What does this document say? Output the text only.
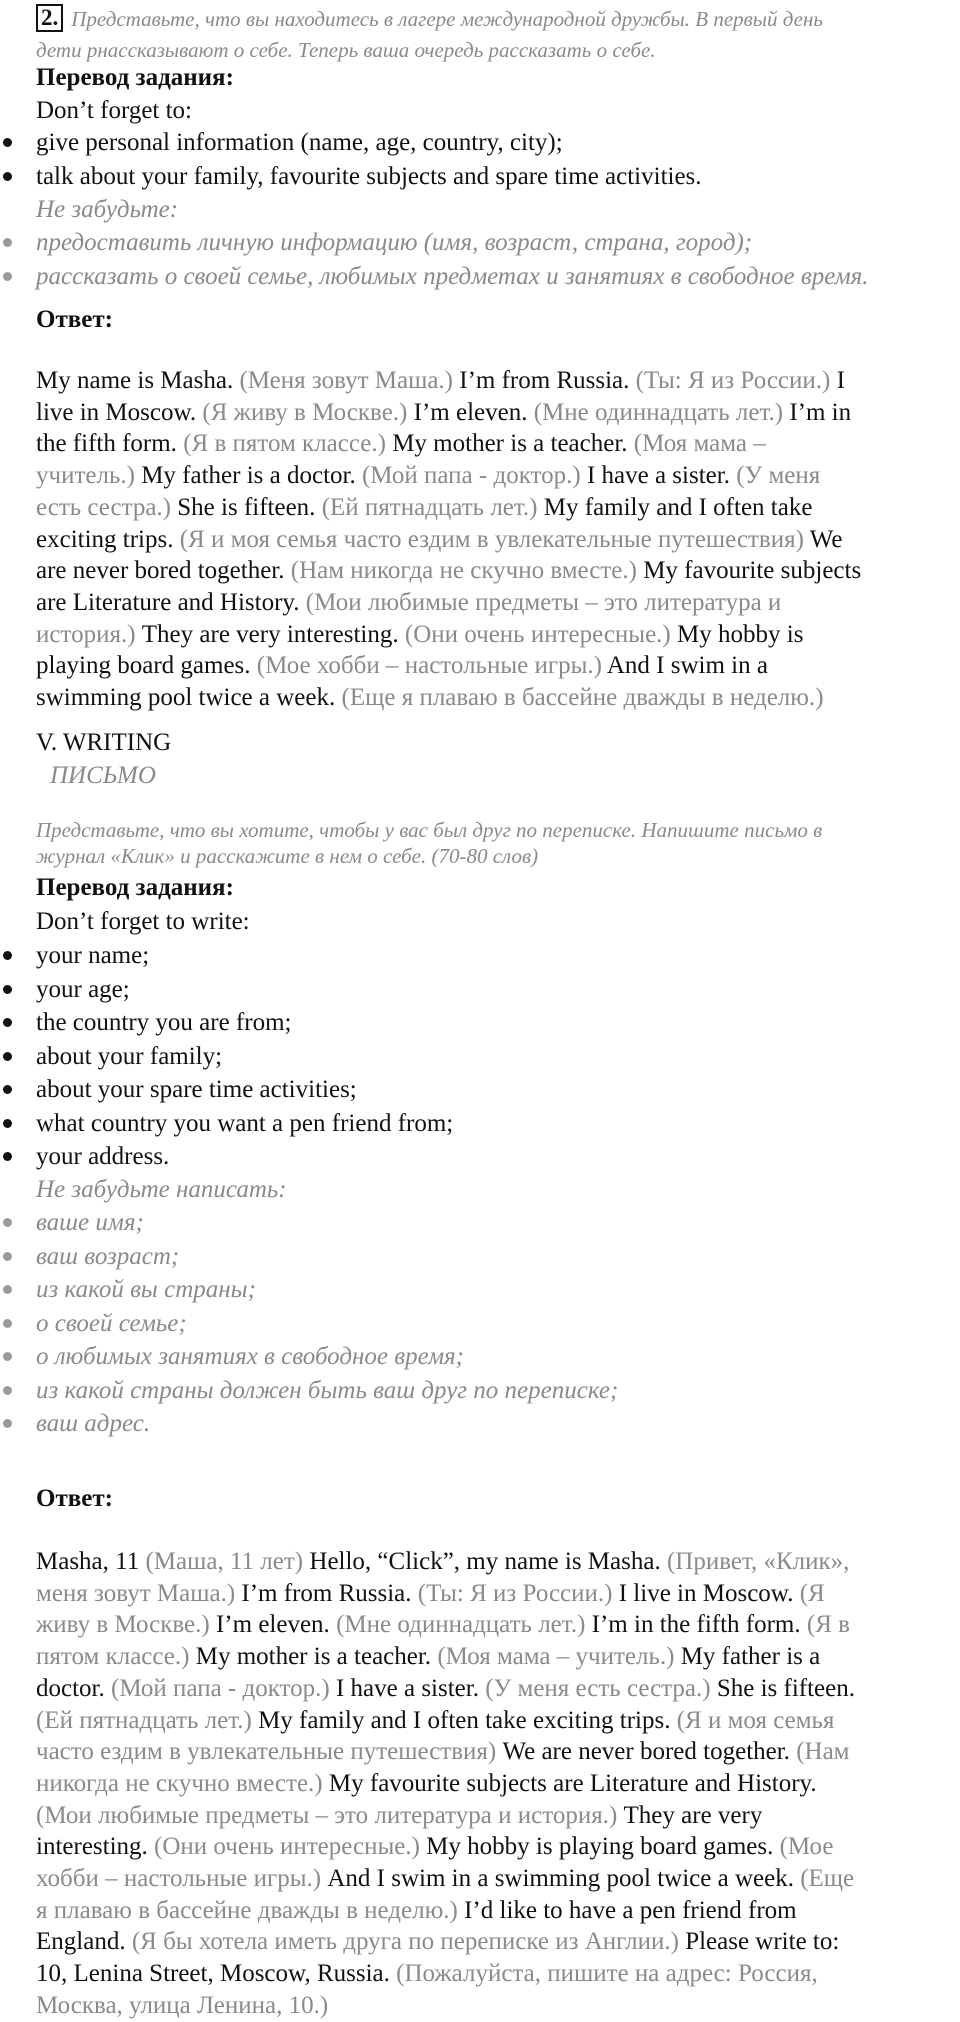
2. Представьте, что вы находитесь в лагере международной дружбы. В первый день
дети рнассказывают о себе. Теперь ваша очередь рассказать о себе.
Перевод задания:
Don’t forget to:
give personal information (name, age, country, city);
talk about your family, favourite subjects and spare time activities.
Не забудьте:
предоставить личную информацию (имя, возраст, страна, город);
рассказать о своей семье, любимых предметах и занятиях в свободное время.
Ответ:

My name is Masha. (Меня зовут Маша.) I’m from Russia. (Ты: Я из России.) I

live in Moscow. (Я живу в Москве.) I’m eleven. (Мне одиннадцать лет.) I’m in

the fifth form. (Я в пятом классе.) My mother is a teacher. (Моя мама –

учитель.) My father is a doctor. (Мой папа - доктор.) I have a sister. (У меня

есть сестра.) She is fifteen. (Ей пятнадцать лет.) My family and I often take

exciting trips. (Я и моя семья часто ездим в увлекательные путешествия) We

are never bored together. (Нам никогда не скучно вместе.) My favourite subjects

are Literature and History. (Мои любимые предметы – это литература и

история.) They are very interesting. (Они очень интересные.) My hobby is

playing board games. (Мое хобби – настольные игры.) And I swim in a

swimming pool twice a week. (Еще я плаваю в бассейне дважды в неделю.)

V. WRITING
ПИСЬМО
Представьте, что вы хотите, чтобы у вас был друг по переписке. Напишите письмо в
журнал «Клик» и расскажите в нем о себе. (70-80 слов)
Перевод задания:
Don’t forget to write:
your name;
your age;
the country you are from;
about your family;
about your spare time activities;
what country you want a pen friend from;
your address.
Не забудьте написать:
ваше имя;
ваш возраст;
из какой вы страны;
о своей семье;
о любимых занятиях в свободное время;
из какой страны должен быть ваш друг по переписке;
ваш адрес.
Ответ:

Masha, 11 (Маша, 11 лет) Hello, “Click”, my name is Masha. (Привет, «Клик»,

меня зовут Маша.) I’m from Russia. (Ты: Я из России.) I live in Moscow. (Я

живу в Москве.) I’m eleven. (Мне одиннадцать лет.) I’m in the fifth form. (Я в

пятом классе.) My mother is a teacher. (Моя мама – учитель.) My father is a

doctor. (Мой папа - доктор.) I have a sister. (У меня есть сестра.) She is fifteen.

(Ей пятнадцать лет.) My family and I often take exciting trips. (Я и моя семья

часто ездим в увлекательные путешествия) We are never bored together. (Нам

никогда не скучно вместе.) My favourite subjects are Literature and History.

(Мои любимые предметы – это литература и история.) They are very

interesting. (Они очень интересные.) My hobby is playing board games. (Мое

хобби – настольные игры.) And I swim in a swimming pool twice a week. (Еще

я плаваю в бассейне дважды в неделю.) I’d like to have a pen friend from

England. (Я бы хотела иметь друга по переписке из Англии.) Please write to:

10, Lenina Street, Moscow, Russia. (Пожалуйста, пишите на адрес: Россия,

Москва, улица Ленина, 10.)
